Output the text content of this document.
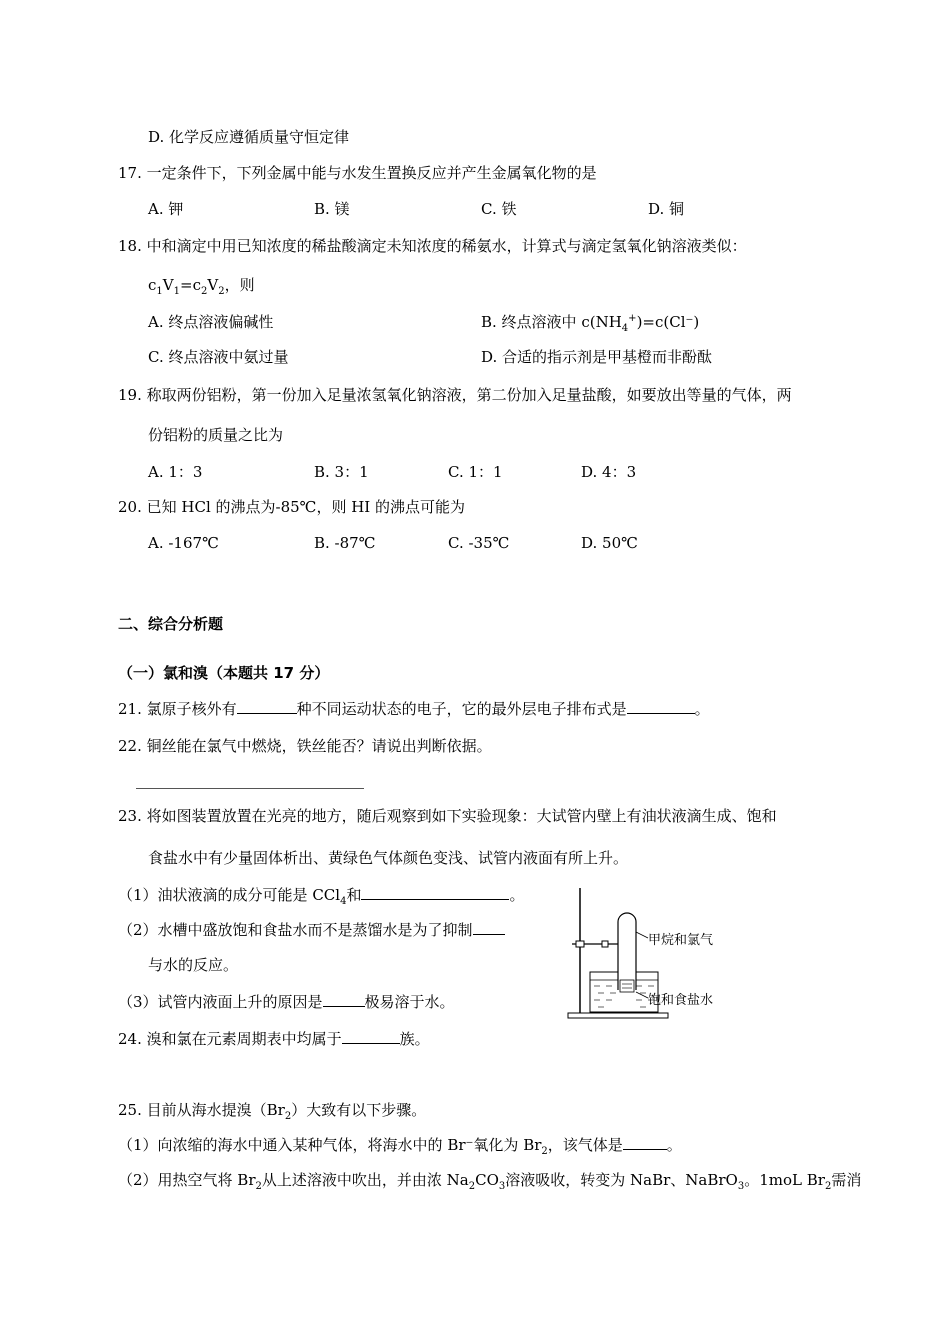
D. 化学反应遵循质量守恒定律
17. 一定条件下，下列金属中能与水发生置换反应并产生金属氧化物的是
A. 钾	B. 镁	C. 铁	D. 铜
18. 中和滴定中用已知浓度的稀盐酸滴定未知浓度的稀氨水，计算式与滴定氢氧化钠溶液类似：
$c_1V_1=c_2V_2$，则
A. 终点溶液偏碱性	B. 终点溶液中 $c(NH_4^+)=c(Cl^-)$
C. 终点溶液中氨过量	D. 合适的指示剂是甲基橙而非酚酞
19. 称取两份铝粉，第一份加入足量浓氢氧化钠溶液，第二份加入足量盐酸，如要放出等量的气体，两
份铝粉的质量之比为
A. 1：3	B. 3：1	C. 1：1	D. 4：3
20. 已知 HCl 的沸点为-85℃，则 HI 的沸点可能为
A. -167℃	B. -87℃	C. -35℃	D. 50℃
二、综合分析题
（一）氯和溴（本题共 17 分）
21. 氯原子核外有	种不同运动状态的电子，它的最外层电子排布式是	。
22. 铜丝能在氯气中燃烧，铁丝能否？请说出判断依据。
23. 将如图装置放置在光亮的地方，随后观察到如下实验现象：大试管内壁上有油状液滴生成、饱和
食盐水中有少量固体析出、黄绿色气体颜色变浅、试管内液面有所上升。
（1）油状液滴的成分可能是 CCl$_4$和	。
（2）水槽中盛放饱和食盐水而不是蒸馏水是为了抑制
与水的反应。
（3）试管内液面上升的原因是	极易溶于水。
甲烷和氯气
饱和食盐水
24. 溴和氯在元素周期表中均属于	族。
25. 目前从海水提溴$(Br_2)$大致有以下步骤。
（1）向浓缩的海水中通入某种气体，将海水中的 Br⁻氧化为 $Br_2$，该气体是	。
（2）用热空气将 $Br_2$从上述溶液中吹出，并由浓 $Na_2CO_3$溶液吸收，转变为 NaBr、NaBrO$_3$。1moL $Br_2$需消
